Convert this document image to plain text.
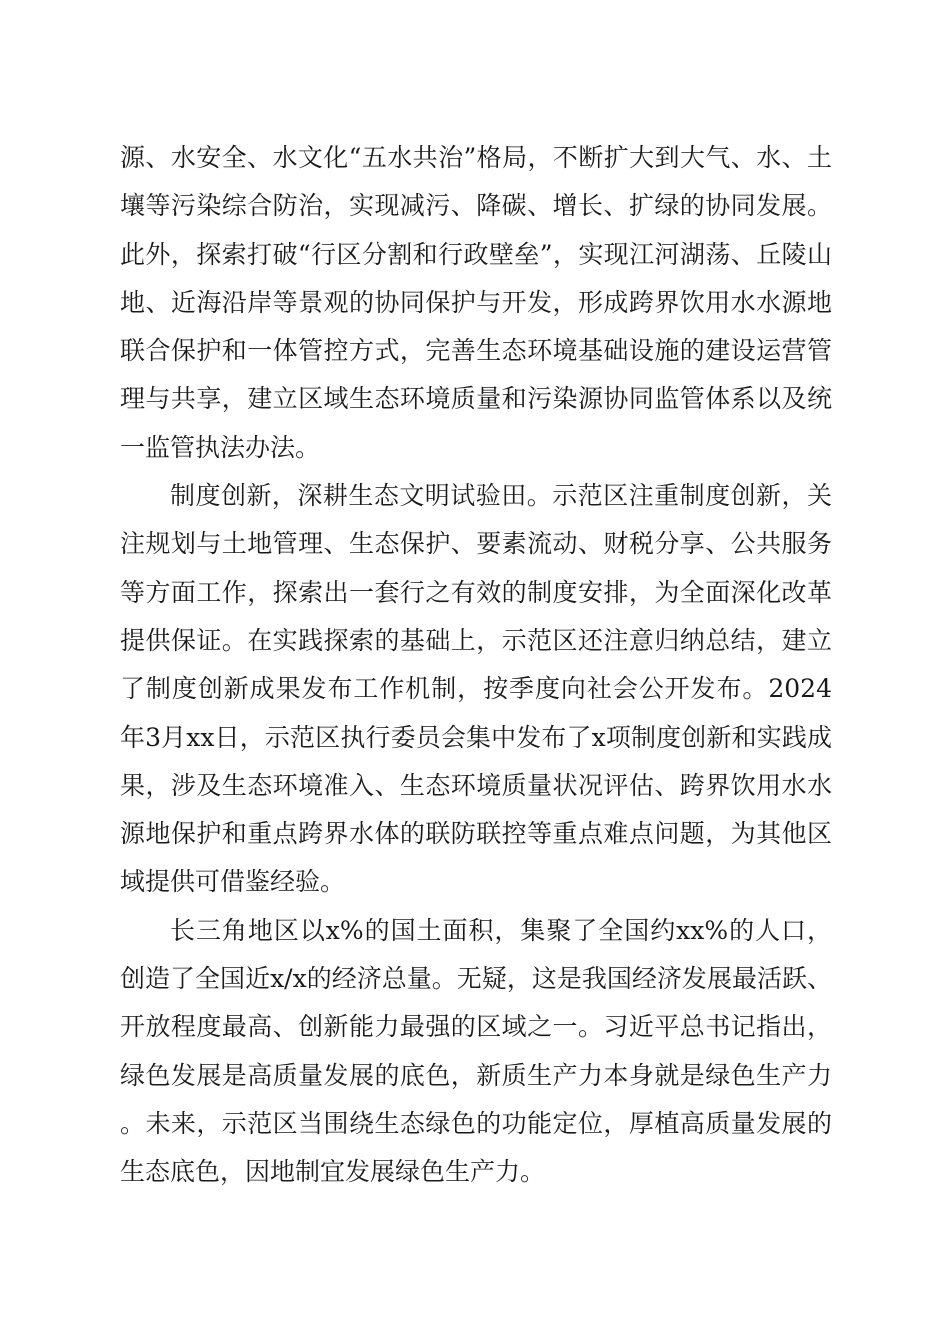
源、水安全、水文化“五水共治”格局，不断扩大到大气、水、土壤等污染综合防治，实现减污、降碳、增长、扩绿的协同发展。此外，探索打破“行区分割和行政壁垒”，实现江河湖荡、丘陵山地、近海沿岸等景观的协同保护与开发，形成跨界饮用水水源地联合保护和一体管控方式，完善生态环境基础设施的建设运营管理与共享，建立区域生态环境质量和污染源协同监管体系以及统一监管执法办法。

制度创新，深耕生态文明试验田。示范区注重制度创新，关注规划与土地管理、生态保护、要素流动、财税分享、公共服务等方面工作，探索出一套行之有效的制度安排，为全面深化改革提供保证。在实践探索的基础上，示范区还注意归纳总结，建立了制度创新成果发布工作机制，按季度向社会公开发布。2024年3月xx日，示范区执行委员会集中发布了x项制度创新和实践成果，涉及生态环境准入、生态环境质量状况评估、跨界饮用水水源地保护和重点跨界水体的联防联控等重点难点问题，为其他区域提供可借鉴经验。

长三角地区以x%的国土面积，集聚了全国约xx%的人口，创造了全国近x/x的经济总量。无疑，这是我国经济发展最活跃、开放程度最高、创新能力最强的区域之一。习近平总书记指出，绿色发展是高质量发展的底色，新质生产力本身就是绿色生产力。未来，示范区当围绕生态绿色的功能定位，厚植高质量发展的生态底色，因地制宜发展绿色生产力。
